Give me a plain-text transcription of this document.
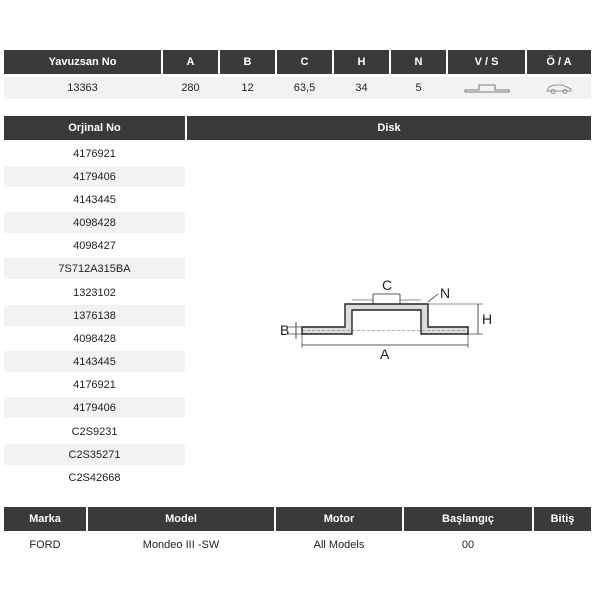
Yavuzsan No	A	B	C	H	N	V / S	Ö / A
13363	280	12	63,5	34	5
Orjinal No	Disk
4176921
4179406
4143445
4098428
4098427
7S712A315BA
1323102
1376138
4098428
4143445
4176921
4179406
C2S9231
C2S35271
C2S42668
C	N
H
B
A
Marka	Model	Motor	Başlangıç	Bitiş
FORD	Mondeo III -SW	All Models	00
